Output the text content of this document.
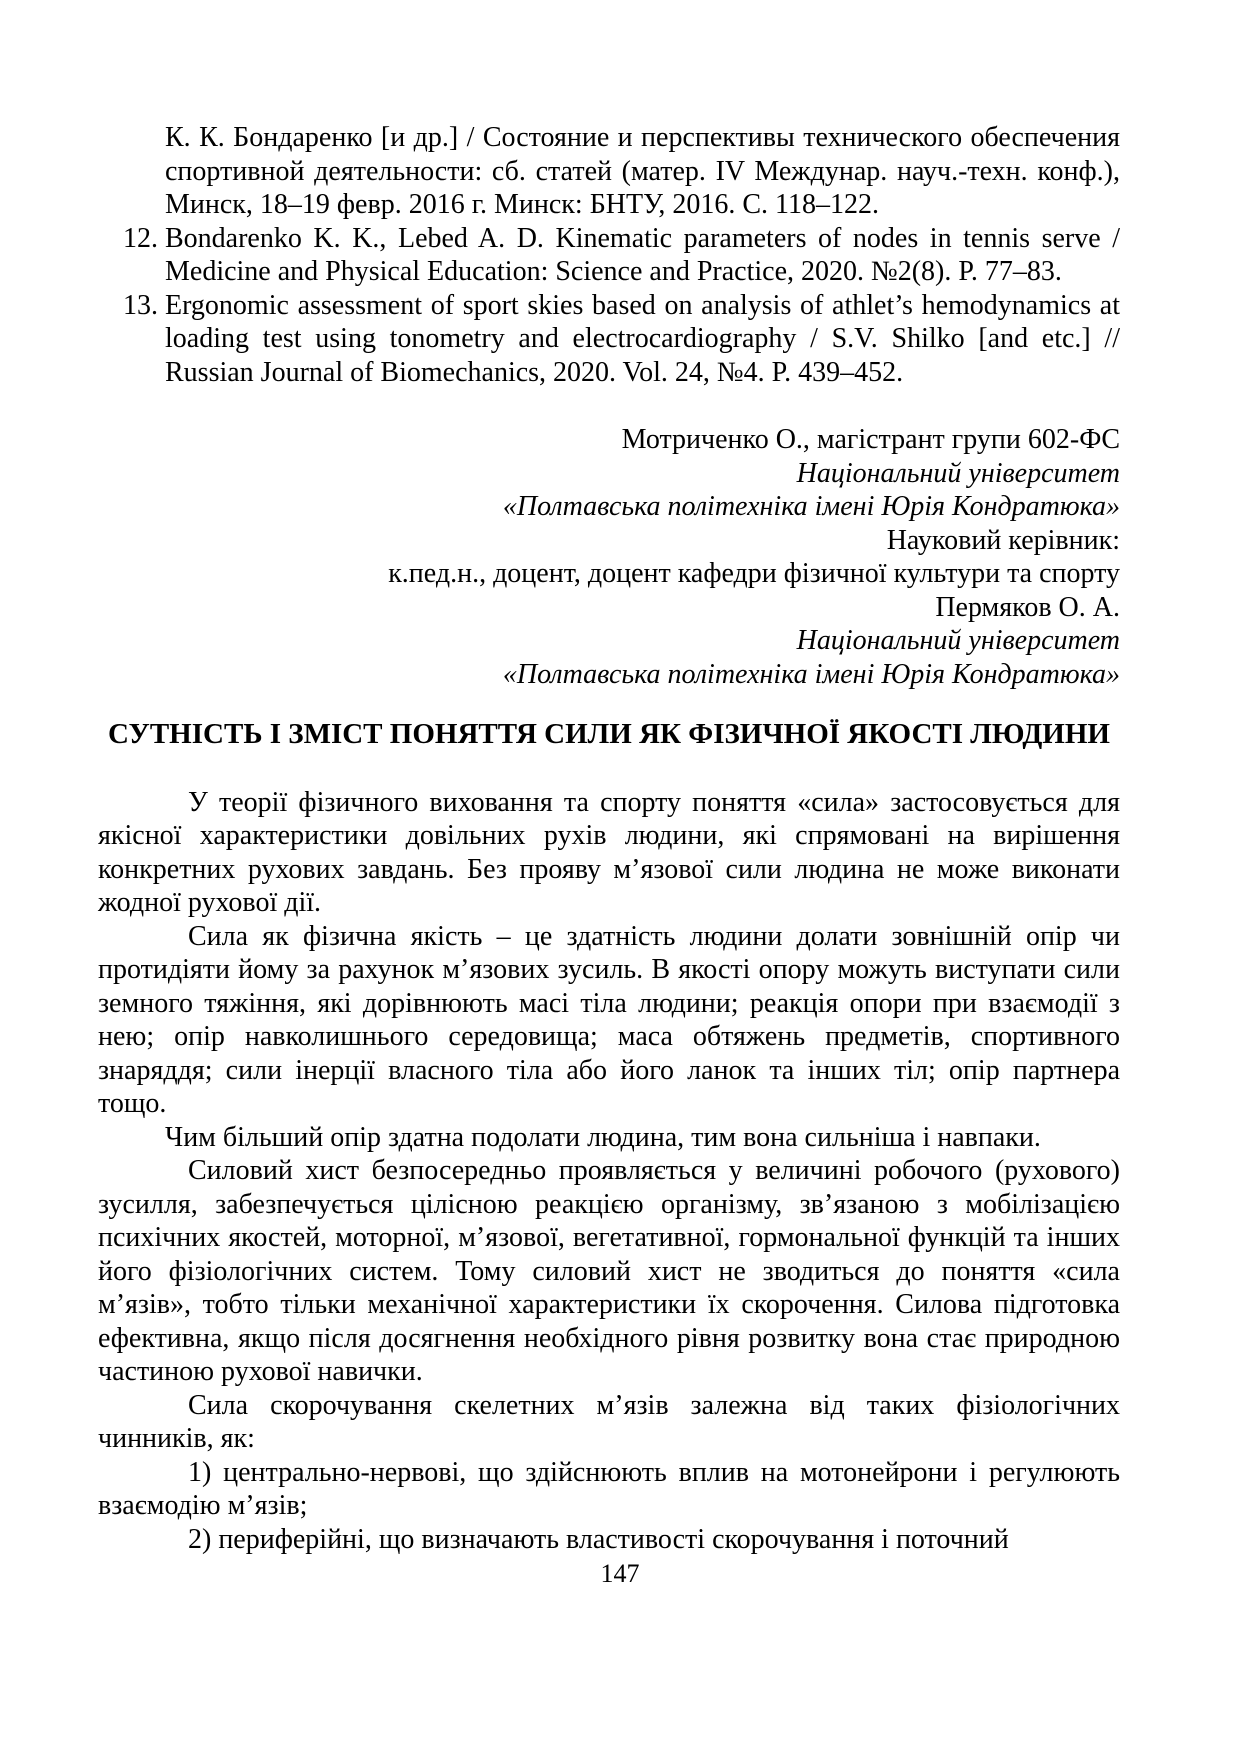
К. К. Бондаренко [и др.] / Состояние и перспективы технического обеспечения спортивной деятельности: сб. статей (матер. IV Междунар. науч.-техн. конф.), Минск, 18–19 февр. 2016 г. Минск: БНТУ, 2016. С. 118–122.
12. Bondarenko K. K., Lebed A. D. Kinematic parameters of nodes in tennis serve / Medicine and Physical Education: Science and Practice, 2020. №2(8). P. 77–83.
13. Ergonomic assessment of sport skies based on analysis of athlet’s hemodynamics at loading test using tonometry and electrocardiography / S.V. Shilko [and etc.] // Russian Journal of Biomechanics, 2020. Vol. 24, №4. P. 439–452.
Мотриченко О., магістрант групи 602-ФС
Національний університет
«Полтавська політехніка імені Юрія Кондратюка»
Науковий керівник:
к.пед.н., доцент, доцент кафедри фізичної культури та спорту
Пермяков О. А.
Національний університет
«Полтавська політехніка імені Юрія Кондратюка»
СУТНІСТЬ І ЗМІСТ ПОНЯТТЯ СИЛИ ЯК ФІЗИЧНОЇ ЯКОСТІ ЛЮДИНИ

У теорії фізичного виховання та спорту поняття «сила» застосовується для якісної характеристики довільних рухів людини, які спрямовані на вирішення конкретних рухових завдань. Без прояву м’язової сили людина не може виконати жодної рухової дії.

Сила як фізична якість – це здатність людини долати зовнішній опір чи протидіяти йому за рахунок м’язових зусиль. В якості опору можуть виступати сили земного тяжіння, які дорівнюють масі тіла людини; реакція опори при взаємодії з нею; опір навколишнього середовища; маса обтяжень предметів, спортивного знаряддя; сили інерції власного тіла або його ланок та інших тіл; опір партнера тощо.

Чим більший опір здатна подолати людина, тим вона сильніша і навпаки.

Силовий хист безпосередньо проявляється у величині робочого (рухового) зусилля, забезпечується цілісною реакцією організму, зв’язаною з мобілізацією психічних якостей, моторної, м’язової, вегетативної, гормональної функцій та інших його фізіологічних систем. Тому силовий хист не зводиться до поняття «сила м’язів», тобто тільки механічної характеристики їх скорочення. Силова підготовка ефективна, якщо після досягнення необхідного рівня розвитку вона стає природною частиною рухової навички.

Сила скорочування скелетних м’язів залежна від таких фізіологічних чинників, як:

1) центрально-нервові, що здійснюють вплив на мотонейрони і регулюють взаємодію м’язів;

2) периферійні, що визначають властивості скорочування і поточний

147
